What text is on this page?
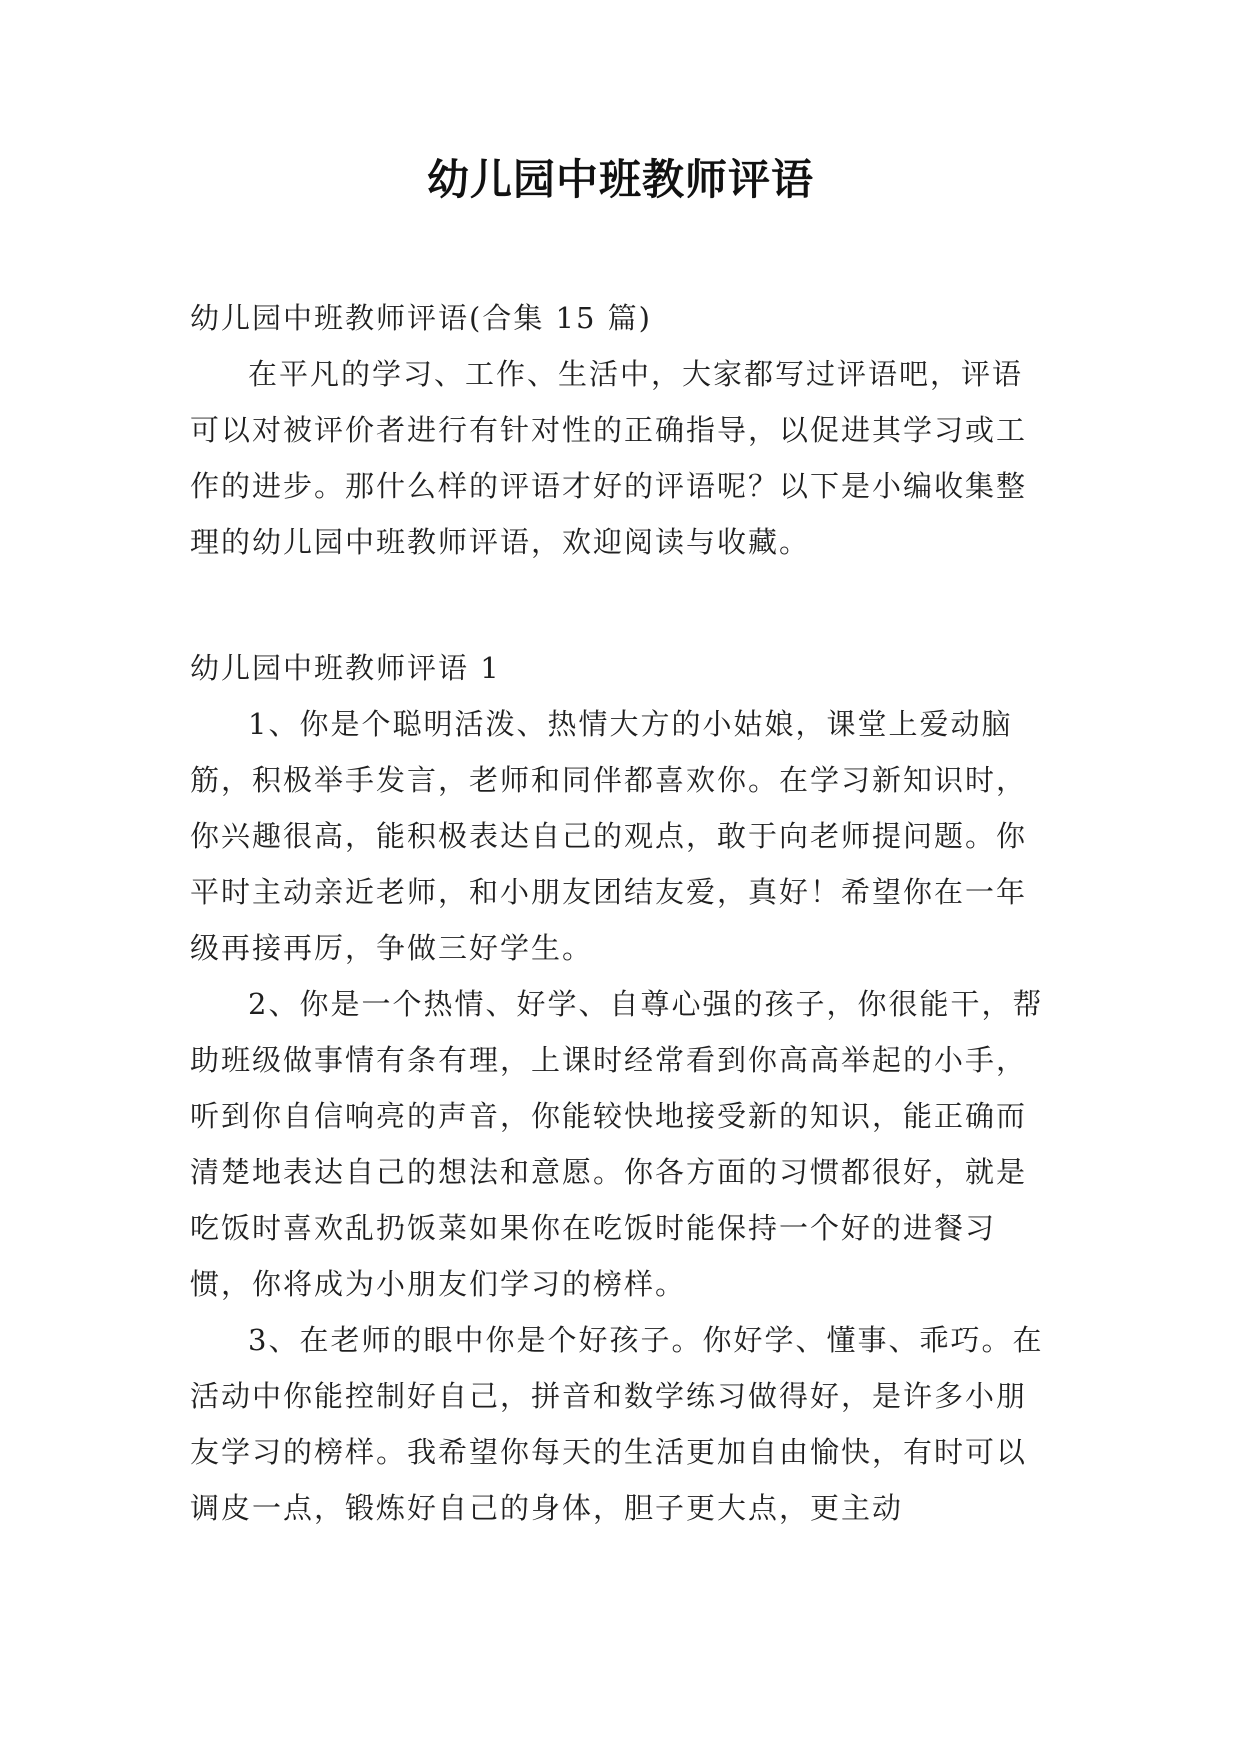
幼儿园中班教师评语
幼儿园中班教师评语(合集 15 篇)

在平凡的学习、工作、生活中，大家都写过评语吧，评语可以对被评价者进行有针对性的正确指导，以促进其学习或工作的进步。那什么样的评语才好的评语呢？以下是小编收集整理的幼儿园中班教师评语，欢迎阅读与收藏。

幼儿园中班教师评语 1

1、你是个聪明活泼、热情大方的小姑娘，课堂上爱动脑筋，积极举手发言，老师和同伴都喜欢你。在学习新知识时，你兴趣很高，能积极表达自己的观点，敢于向老师提问题。你平时主动亲近老师，和小朋友团结友爱，真好！希望你在一年级再接再厉，争做三好学生。

2、你是一个热情、好学、自尊心强的孩子，你很能干，帮助班级做事情有条有理，上课时经常看到你高高举起的小手，听到你自信响亮的声音，你能较快地接受新的知识，能正确而清楚地表达自己的想法和意愿。你各方面的习惯都很好，就是吃饭时喜欢乱扔饭菜如果你在吃饭时能保持一个好的进餐习惯，你将成为小朋友们学习的榜样。

3、在老师的眼中你是个好孩子。你好学、懂事、乖巧。在活动中你能控制好自己，拼音和数学练习做得好，是许多小朋友学习的榜样。我希望你每天的生活更加自由愉快，有时可以调皮一点，锻炼好自己的身体，胆子更大点，更主动
